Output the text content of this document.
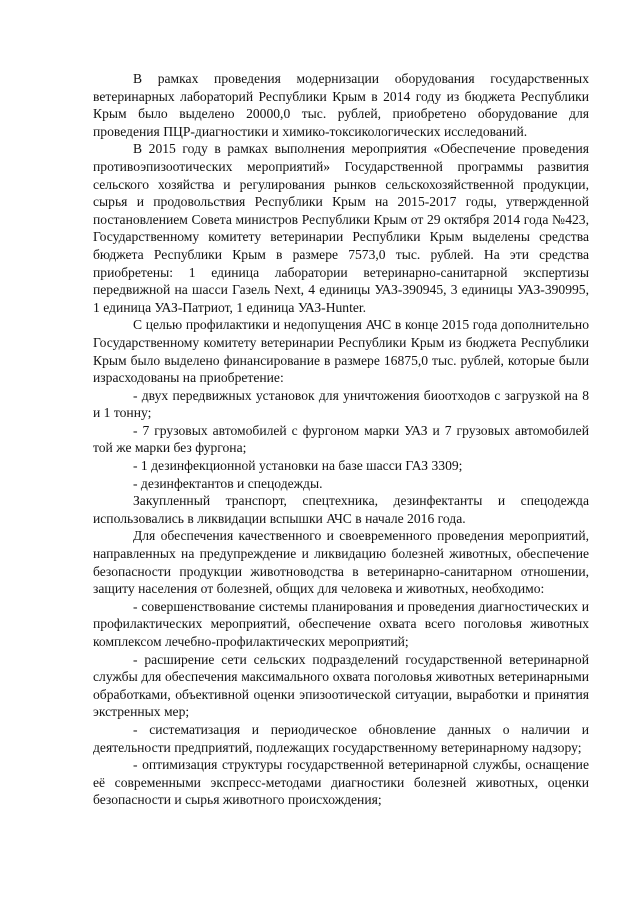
В рамках проведения модернизации оборудования государственных ветеринарных лабораторий Республики Крым в 2014 году из бюджета Республики Крым было выделено 20000,0 тыс. рублей, приобретено оборудование для проведения ПЦР-диагностики и химико-токсикологических исследований.

В 2015 году в рамках выполнения мероприятия «Обеспечение проведения противоэпизоотических мероприятий» Государственной программы развития сельского хозяйства и регулирования рынков сельскохозяйственной продукции, сырья и продовольствия Республики Крым на 2015-2017 годы, утвержденной постановлением Совета министров Республики Крым от 29 октября 2014 года №423, Государственному комитету ветеринарии Республики Крым выделены средства бюджета Республики Крым в размере 7573,0 тыс. рублей. На эти средства приобретены: 1 единица лаборатории ветеринарно-санитарной экспертизы передвижной на шасси Газель Next, 4 единицы УАЗ-390945, 3 единицы УАЗ-390995, 1 единица УАЗ-Патриот, 1 единица УАЗ-Hunter.

С целью профилактики и недопущения АЧС в конце 2015 года дополнительно Государственному комитету ветеринарии Республики Крым из бюджета Республики Крым было выделено финансирование в размере 16875,0 тыс. рублей, которые были израсходованы на приобретение:

- двух передвижных установок для уничтожения биоотходов с загрузкой на 8 и 1 тонну;

- 7 грузовых автомобилей с фургоном марки УАЗ и 7 грузовых автомобилей той же марки без фургона;

- 1 дезинфекционной установки на базе шасси ГАЗ 3309;

- дезинфектантов и спецодежды.

Закупленный транспорт, спецтехника, дезинфектанты и спецодежда использовались в ликвидации вспышки АЧС в начале 2016 года.

Для обеспечения качественного и своевременного проведения мероприятий, направленных на предупреждение и ликвидацию болезней животных, обеспечение безопасности продукции животноводства в ветеринарно-санитарном отношении, защиту населения от болезней, общих для человека и животных, необходимо:

- совершенствование системы планирования и проведения диагностических и профилактических мероприятий, обеспечение охвата всего поголовья животных комплексом лечебно-профилактических мероприятий;

- расширение сети сельских подразделений государственной ветеринарной службы для обеспечения максимального охвата поголовья животных ветеринарными обработками, объективной оценки эпизоотической ситуации, выработки и принятия экстренных мер;

- систематизация и периодическое обновление данных о наличии и деятельности предприятий, подлежащих государственному ветеринарному надзору;

- оптимизация структуры государственной ветеринарной службы, оснащение её современными экспресс-методами диагностики болезней животных, оценки безопасности и сырья животного происхождения;
